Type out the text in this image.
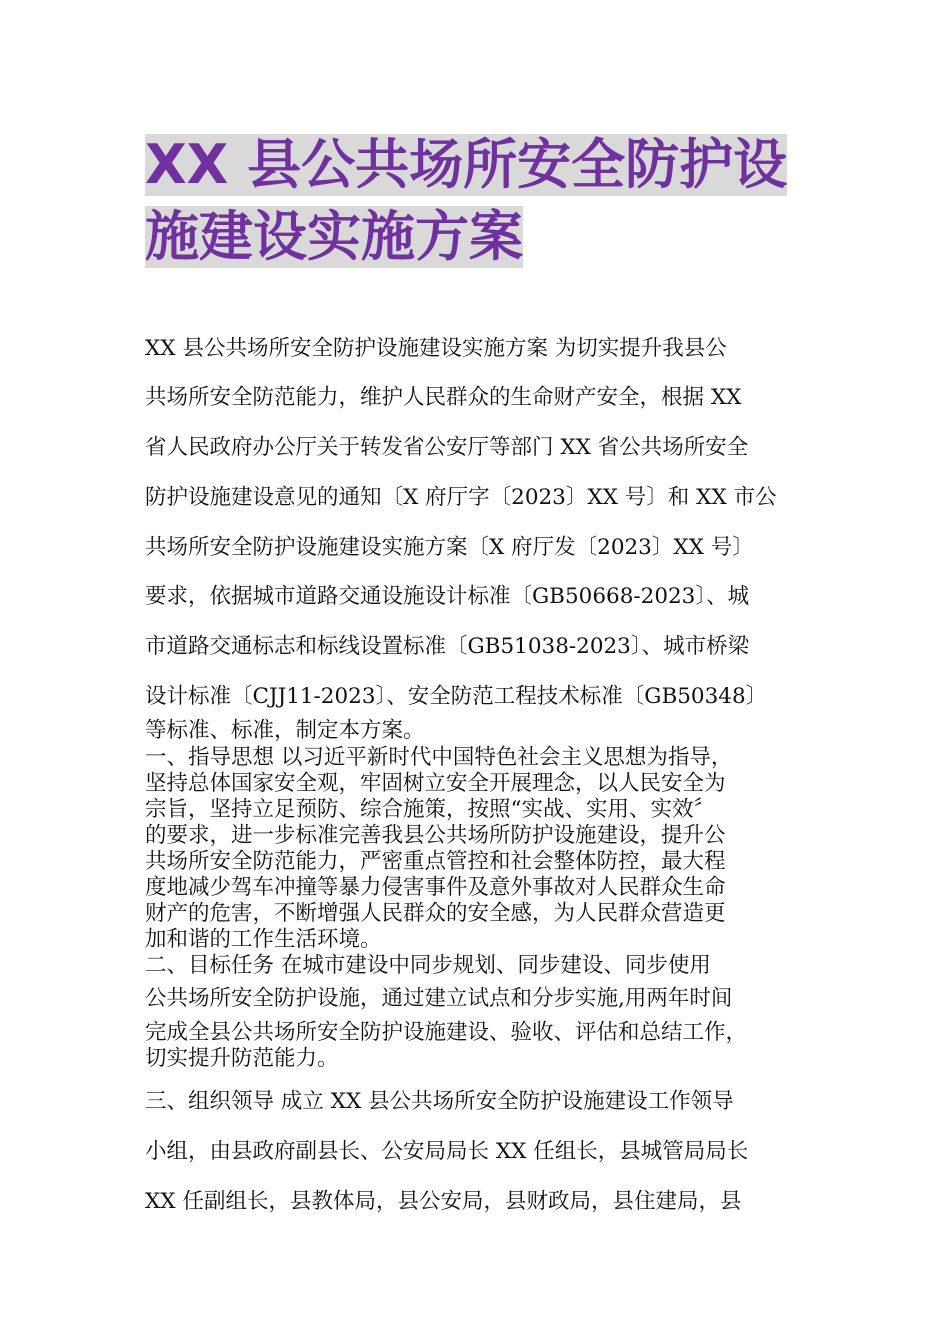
XX 县公共场所安全防护设
施建设实施方案
XX 县公共场所安全防护设施建设实施方案 为切实提升我县公
共场所安全防范能力，维护人民群众的生命财产安全，根据 XX
省人民政府办公厅关于转发省公安厅等部门 XX 省公共场所安全
防护设施建设意见的通知〔X 府厅字〔2023〕XX 号〕和 XX 市公
共场所安全防护设施建设实施方案〔X 府厅发〔2023〕XX 号〕
要求，依据城市道路交通设施设计标准〔GB50668-2023〕、城
市道路交通标志和标线设置标准〔GB51038-2023〕、城市桥梁
设计标准〔CJJ11-2023〕、安全防范工程技术标准〔GB50348〕
等标准、标准，制定本方案。
一、指导思想 以习近平新时代中国特色社会主义思想为指导，
坚持总体国家安全观，牢固树立安全开展理念，以人民安全为
宗旨，坚持立足预防、综合施策，按照“实战、实用、实效〞
的要求，进一步标准完善我县公共场所防护设施建设，提升公
共场所安全防范能力，严密重点管控和社会整体防控，最大程
度地减少驾车冲撞等暴力侵害事件及意外事故对人民群众生命
财产的危害，不断增强人民群众的安全感，为人民群众营造更
加和谐的工作生活环境。
二、目标任务 在城市建设中同步规划、同步建设、同步使用
公共场所安全防护设施，通过建立试点和分步实施,用两年时间
完成全县公共场所安全防护设施建设、验收、评估和总结工作，
切实提升防范能力。
三、组织领导 成立 XX 县公共场所安全防护设施建设工作领导
小组，由县政府副县长、公安局局长 XX 任组长，县城管局局长
XX 任副组长，县教体局，县公安局，县财政局，县住建局，县
